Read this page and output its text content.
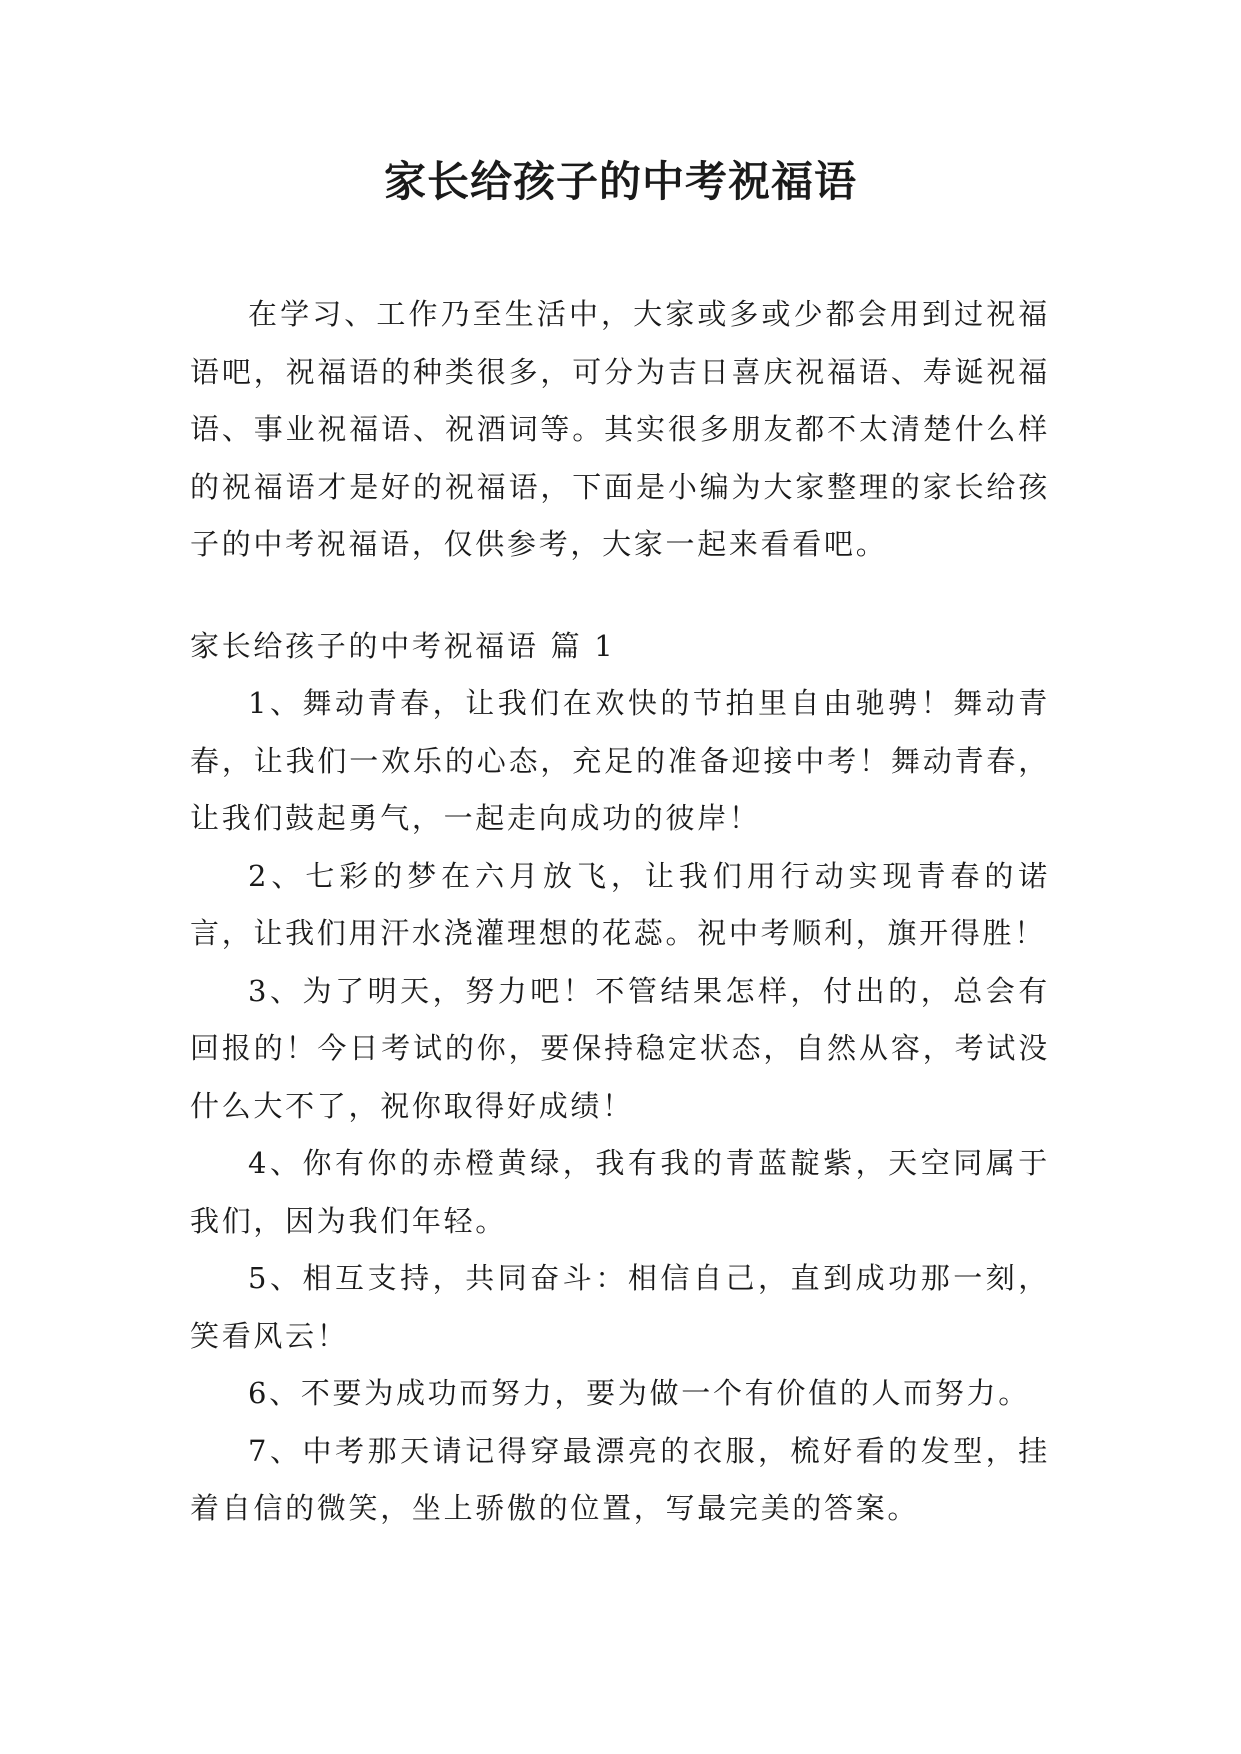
家长给孩子的中考祝福语

在学习、工作乃至生活中，大家或多或少都会用到过祝福语吧，祝福语的种类很多，可分为吉日喜庆祝福语、寿诞祝福语、事业祝福语、祝酒词等。其实很多朋友都不太清楚什么样的祝福语才是好的祝福语，下面是小编为大家整理的家长给孩子的中考祝福语，仅供参考，大家一起来看看吧。

家长给孩子的中考祝福语 篇 1

1、舞动青春，让我们在欢快的节拍里自由驰骋！舞动青春，让我们一欢乐的心态，充足的准备迎接中考！舞动青春，让我们鼓起勇气，一起走向成功的彼岸！

2、七彩的梦在六月放飞，让我们用行动实现青春的诺言，让我们用汗水浇灌理想的花蕊。祝中考顺利，旗开得胜！

3、为了明天，努力吧！不管结果怎样，付出的，总会有回报的！今日考试的你，要保持稳定状态，自然从容，考试没什么大不了，祝你取得好成绩！

4、你有你的赤橙黄绿，我有我的青蓝靛紫，天空同属于我们，因为我们年轻。

5、相互支持，共同奋斗：相信自己，直到成功那一刻，笑看风云！

6、不要为成功而努力，要为做一个有价值的人而努力。

7、中考那天请记得穿最漂亮的衣服，梳好看的发型，挂着自信的微笑，坐上骄傲的位置，写最完美的答案。
